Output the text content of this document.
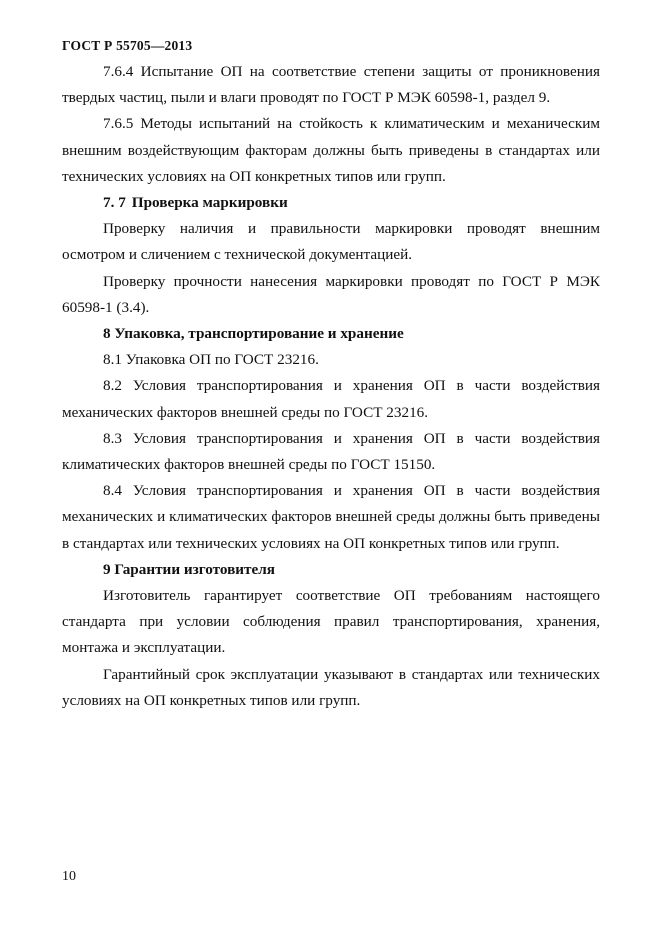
ГОСТ Р 55705—2013

7.6.4 Испытание ОП на соответствие степени защиты от проникновения твердых частиц, пыли и влаги проводят по ГОСТ Р МЭК 60598-1, раздел 9.

7.6.5 Методы испытаний на стойкость к климатическим и механическим внешним воздействующим факторам должны быть приведены в стандартах или технических условиях на ОП конкретных типов или групп.

7. 7 Проверка маркировки

Проверку наличия и правильности маркировки проводят внешним осмотром и сличением с технической документацией.

Проверку прочности нанесения маркировки проводят по ГОСТ Р МЭК 60598-1 (3.4).

8 Упаковка, транспортирование и хранение

8.1 Упаковка ОП по ГОСТ 23216.

8.2 Условия транспортирования и хранения ОП в части воздействия механических факторов внешней среды по ГОСТ 23216.

8.3 Условия транспортирования и хранения ОП в части воздействия климатических факторов внешней среды по ГОСТ 15150.

8.4 Условия транспортирования и хранения ОП в части воздействия механических и климатических факторов внешней среды должны быть приведены в стандартах или технических условиях на ОП конкретных типов или групп.

9 Гарантии изготовителя

Изготовитель гарантирует соответствие ОП требованиям настоящего стандарта при условии соблюдения правил транспортирования, хранения, монтажа и эксплуатации.

Гарантийный срок эксплуатации указывают в стандартах или технических условиях на ОП конкретных типов или групп.

10
